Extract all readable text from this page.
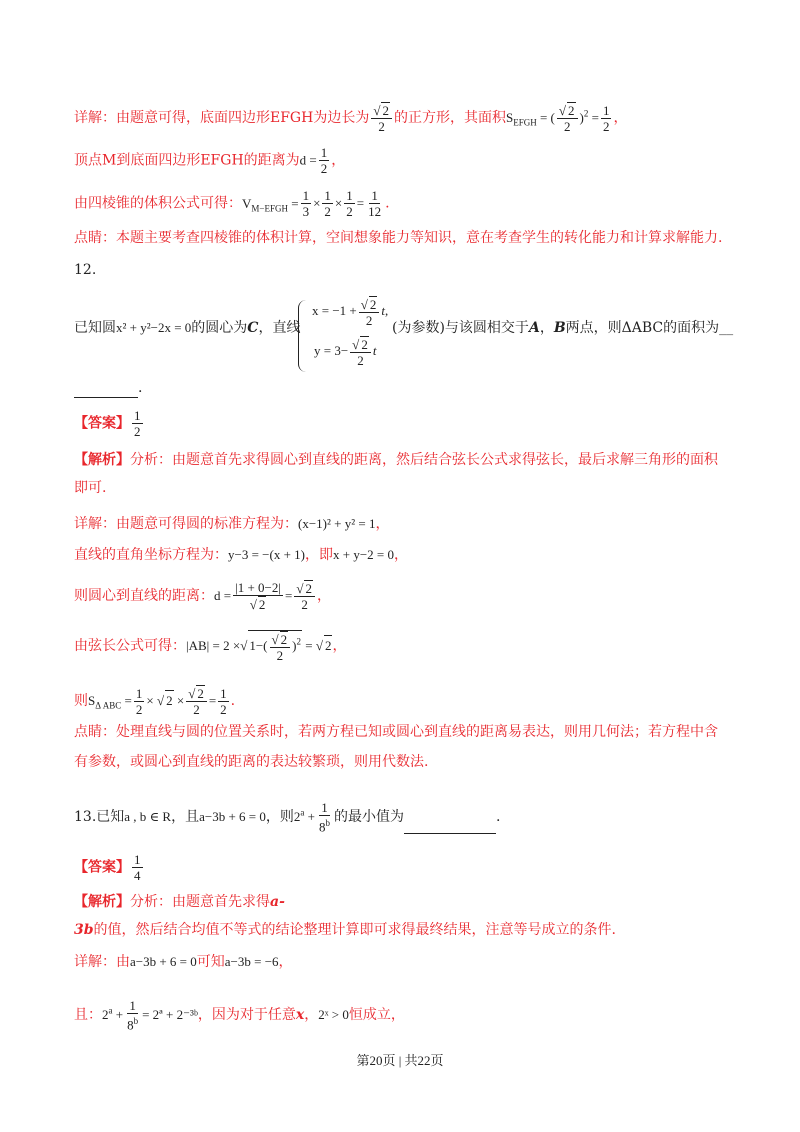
详解：由题意可得，底面四边形EFGH为边长为 $\frac{√ 2}{2}$ 的正方形，其面积$S_{EFGH}$ = ( $\frac{√ 2}{2} )^2 = \frac{1}{2}$ ，
顶点M到底面四边形EFGH的距离为$d = \frac{1}{2}$ ，
由四棱锥的体积公式可得：$V_{M-EFGH} = \frac{1}{3} \times \frac{1}{2} \times \frac{1}{2} = \frac{1}{12}$ .
点睛：本题主要考查四棱锥的体积计算，空间想象能力等知识，意在考查学生的转化能力和计算求解能力.
12.
已知圆x² + y²−2x = 0的圆心为C，直线
$x = -1 + \frac{√ 2}{2} t$,
$y = 3- \frac{√ 2}{2}$ t
(为参数)与该圆相交于A，B两点，则ΔABC的面积为__
.
【答案】 $\frac{1}{2}$
【解析】分析：由题意首先求得圆心到直线的距离，然后结合弦长公式求得弦长，最后求解三角形的面积
即可.
详解：由题意可得圆的标准方程为：(x−1)² + y² = 1，
直线的直角坐标方程为：y−3 = −(x + 1)，即x + y−2 = 0，
则圆心到直线的距离：$d = \frac{|1 + 0-2|}{√ 2} = \frac{√ 2}{2}$ ，
由弦长公式可得：|AB| = 2 ×√ $1-( \frac{√ 2}{2} )^2$ = √ 2，
则$S_{\Delta ABC} = \frac{1}{2}$ × √ $2 \times \frac{√ 2}{2} = \frac{1}{2}$ .
点睛：处理直线与圆的位置关系时，若两方程已知或圆心到直线的距离易表达，则用几何法；若方程中含
有参数，或圆心到直线的距离的表达较繁琐，则用代数法.
13.已知a , b ∈ R，且a−3b + 6 = 0，则$2^a + \frac{1}{8^b}$ 的最小值为	.
【答案】 $\frac{1}{4}$
【解析】分析：由题意首先求得a-
3b的值，然后结合均值不等式的结论整理计算即可求得最终结果，注意等号成立的条件.
详解：由a−3b + 6 = 0可知a−3b = −6，
且：$2^a + \frac{1}{8^b}$ = 2ª + 2⁻³ᵇ，因为对于任意x，2ˣ > 0恒成立，
第20页 | 共22页
